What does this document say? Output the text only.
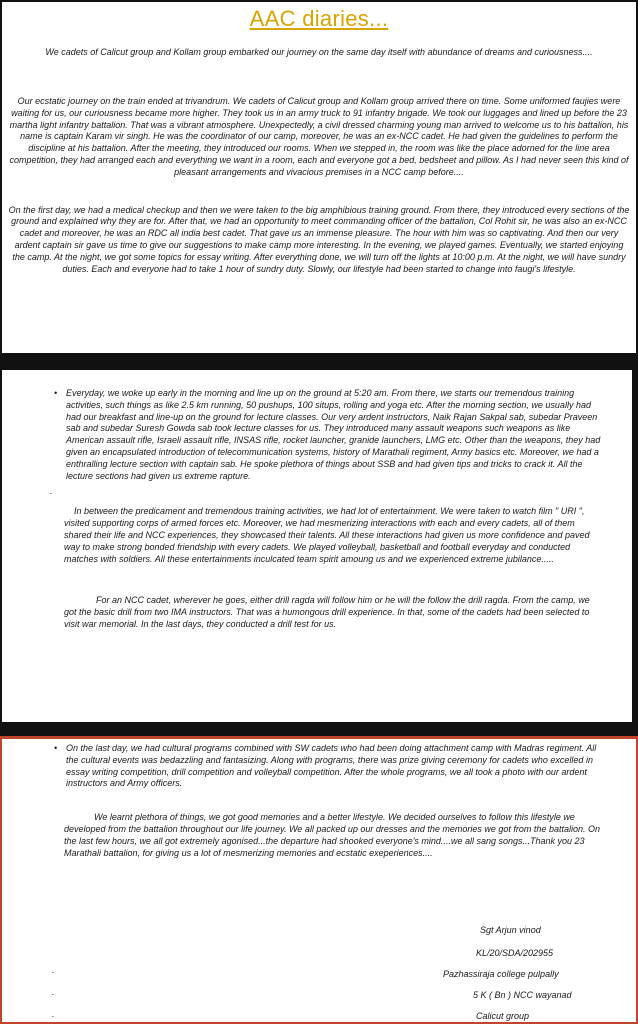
AAC diaries...
We cadets of Calicut group and Kollam group embarked our journey on the same day itself with abundance of dreams and curiousness....
Our ecstatic journey on the train ended at trivandrum. We cadets of Calicut group and Kollam group arrived there on time. Some uniformed faujies were waiting for us, our curiousness became more higher. They took us in an army truck to 91 infantry brigade. We took our luggages and lined up before the 23 martha light infantry battalion. That was a vibrant atmosphere. Unexpectedly, a civil dressed charming young man arrived to welcome us to his battalion, his name is captain Karam vir singh. He was the coordinator of our camp, moreover, he was an ex-NCC cadet. He had given the guidelines to perform the discipline at his battalion. After the meeting, they introduced our rooms. When we stepped in, the room was like the place adorned for the line area competition, they had arranged each and everything we want in a room, each and everyone got a bed, bedsheet and pillow. As I had never seen this kind of pleasant arrangements and vivacious premises in a NCC camp before....
On the first day, we had a medical checkup and then we were taken to the big amphibious training ground. From there, they introduced every sections of the ground and explained why they are for. After that, we had an opportunity to meet commanding officer of the battalion, Col Rohit sir, he was also an ex-NCC cadet and moreover, he was an RDC all india best cadet. That gave us an immense pleasure. The hour with him was so captivating. And then our very ardent captain sir gave us time to give our suggestions to make camp more interesting. In the evening, we played games. Eventually, we started enjoying the camp. At the night, we got some topics for essay writing. After everything done, we will turn off the lights at 10:00 p.m. At the night, we will have sundry duties. Each and everyone had to take 1 hour of sundry duty. Slowly, our lifestyle had been started to change into faugi's lifestyle.
• Everyday, we woke up early in the morning and line up on the ground at 5:20 am. From there, we starts our tremendous training activities, such things as like 2.5 km running, 50 pushups, 100 situps, rolling and yoga etc. After the morning section, we usually had had our breakfast and line-up on the ground for lecture classes. Our very ardent instructors, Naik Rajan Sakpal sab, subedar Praveen sab and subedar Suresh Gowda sab took lecture classes for us. They introduced many assault weapons such weapons as like American assault rifle, Israeli assault rifle, INSAS rifle, rocket launcher, granide launchers, LMG etc. Other than the weapons, they had given an encapsulated introduction of telecommunication systems, history of Marathali regiment, Army basics etc. Moreover, we had a enthralling lecture section with captain sab. He spoke plethora of things about SSB and had given tips and tricks to crack it. All the lecture sections had given us extreme rapture.
.
In between the predicament and tremendous training activities, we had lot of entertainment. We were taken to watch film " URI ", visited supporting corps of armed forces etc. Moreover, we had mesmerizing interactions with each and every cadets, all of them shared their life and NCC experiences, they showcased their talents. All these interactions had given us more confidence and paved way to make strong bonded friendship with every cadets. We played volleyball, basketball and football everyday and conducted matches with soldiers. All these entertainments inculcated team spirit amoung us and we experienced extreme jubilance.....
For an NCC cadet, wherever he goes, either drill ragda will follow him or he will the follow the drill ragda. From the camp, we got the basic drill from two IMA instructors. That was a humongous drill experience. In that, some of the cadets had been selected to visit war memorial. In the last days, they conducted a drill test for us.
• On the last day, we had cultural programs combined with SW cadets who had been doing attachment camp with Madras regiment. All the cultural events was bedazzling and fantasizing. Along with programs, there was prize giving ceremony for cadets who excelled in essay writing competition, drill competition and volleyball competition. After the whole programs, we all took a photo with our ardent instructors and Army officers.
We learnt plethora of things, we got good memories and a better lifestyle. We decided ourselves to follow this lifestyle we developed from the battalion throughout our life journey. We all packed up our dresses and the memories we got from the battalion. On the last few hours, we all got extremely agonised...the departure had shooked everyone's mind....we all sang songs...Thank you 23 Marathali battalion, for giving us a lot of mesmerizing memories and ecstatic exeperiences....
Sgt Arjun vinod
KL/20/SDA/202955
Pazhassiraja college pulpally
5 K ( Bn ) NCC wayanad
Calicut group
.
.
.
